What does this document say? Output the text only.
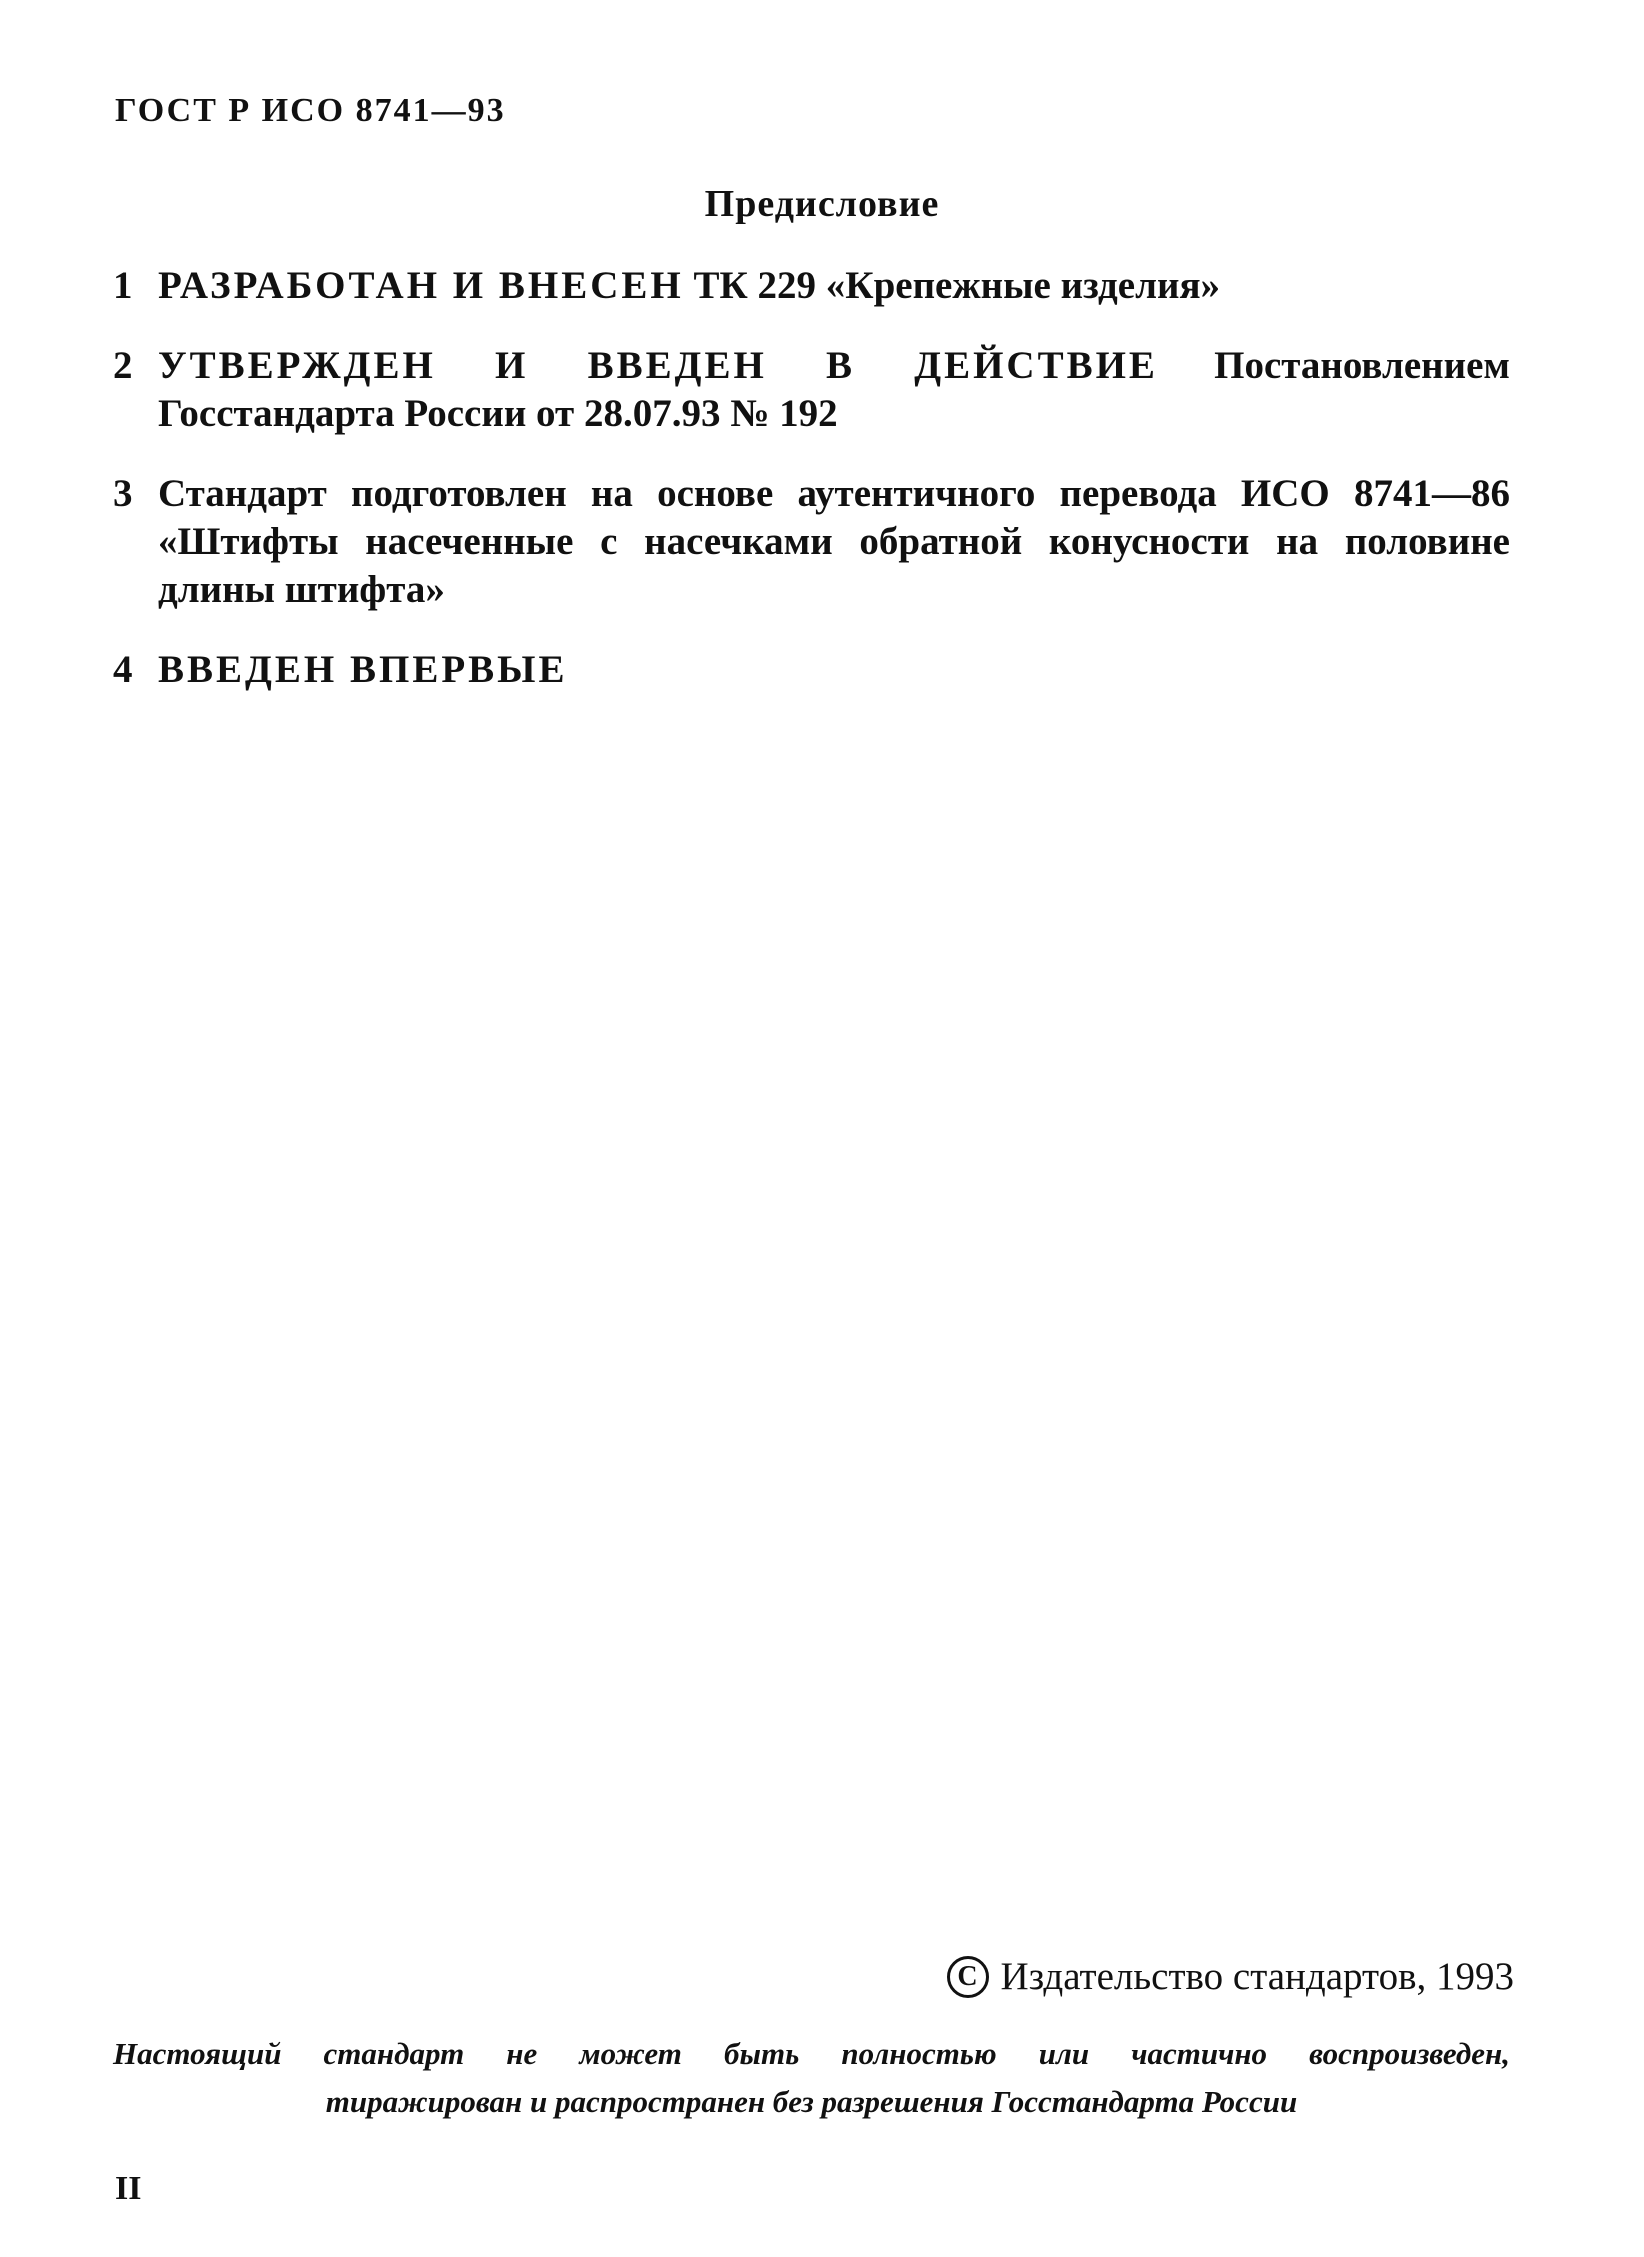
ГОСТ Р ИСО 8741—93
Предисловие
1 РАЗРАБОТАН И ВНЕСЕН ТК 229 «Крепежные изделия»
2 УТВЕРЖДЕН И ВВЕДЕН В ДЕЙСТВИЕ Постановлением Госстандарта России от 28.07.93 № 192
3 Стандарт подготовлен на основе аутентичного перевода ИСО 8741—86 «Штифты насеченные с насечками обратной конусности на половине длины штифта»
4 ВВЕДЕН ВПЕРВЫЕ
C Издательство стандартов, 1993
Настоящий стандарт не может быть полностью или частично воспроизведен,
тиражирован и распространен без разрешения Госстандарта России
II
